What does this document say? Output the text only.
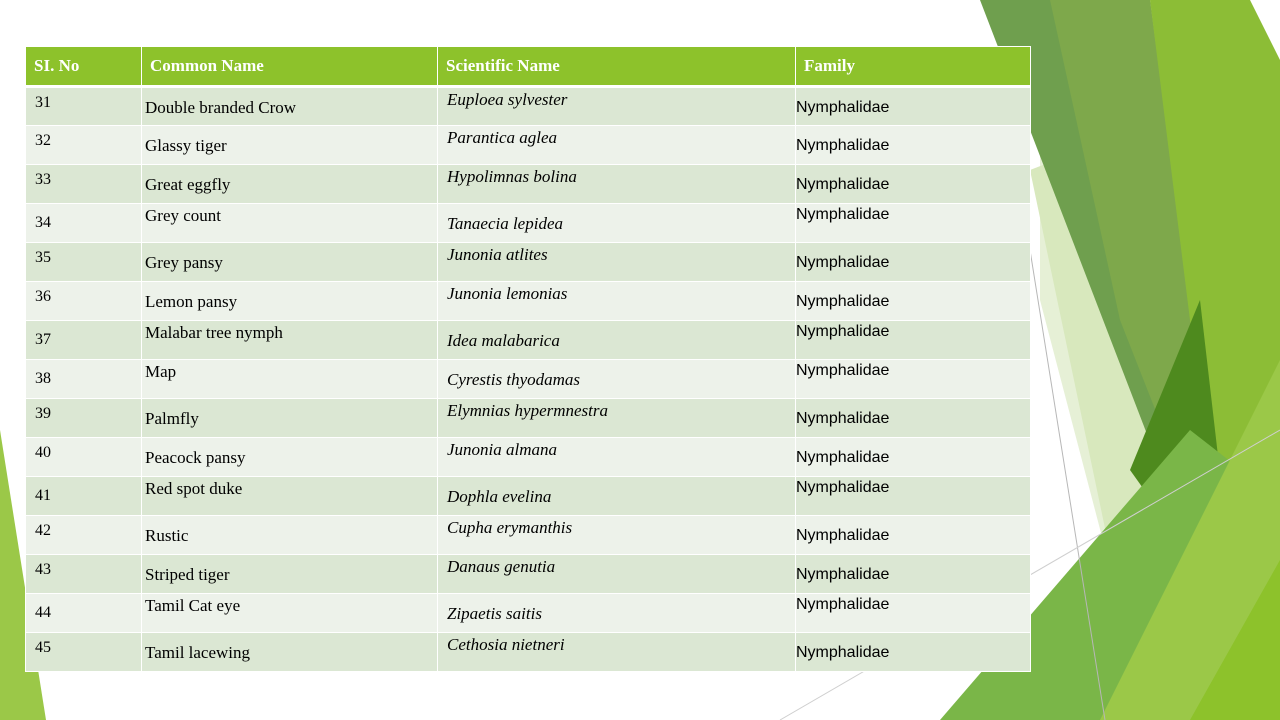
SI. No	Common Name	Scientific Name	Family

31	Double branded Crow	Euploea sylvester	Nymphalidae

32	Glassy tiger	Parantica aglea	Nymphalidae

33	Great eggfly	Hypolimnas bolina	Nymphalidae

34	Grey count	Tanaecia lepidea	Nymphalidae

35	Grey pansy	Junonia atlites	Nymphalidae

36	Lemon pansy	Junonia lemonias	Nymphalidae

37	Malabar tree nymph	Idea malabarica	Nymphalidae

38	Map	Cyrestis thyodamas	Nymphalidae

39	Palmfly	Elymnias hypermnestra	Nymphalidae

40	Peacock pansy	Junonia almana	Nymphalidae

41	Red spot duke	Dophla evelina	Nymphalidae

42	Rustic	Cupha erymanthis	Nymphalidae

43	Striped tiger	Danaus genutia	Nymphalidae

44	Tamil Cat eye	Zipaetis saitis	Nymphalidae

45	Tamil lacewing	Cethosia nietneri	Nymphalidae
